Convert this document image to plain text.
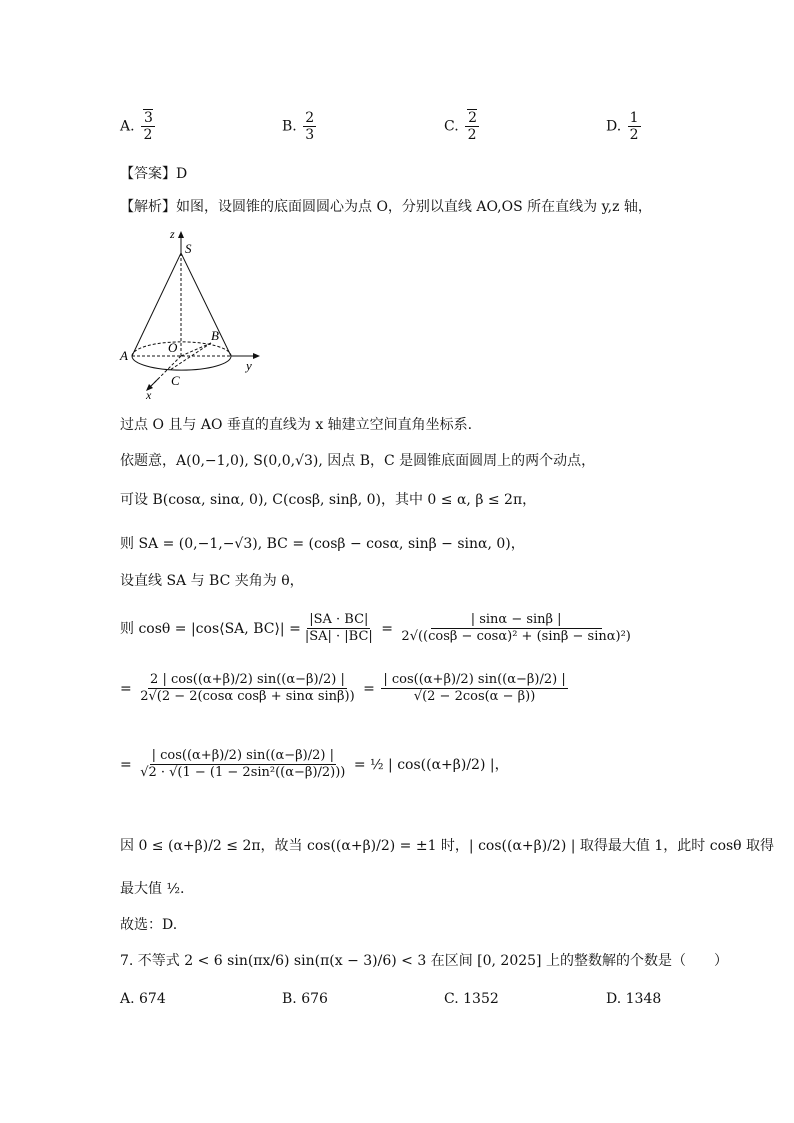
A. $\frac{3}{2}$	B. $\frac{2}{3}$	C. $\frac{2}{2}$	D. $\frac{1}{2}$
【答案】D
【解析】如图，设圆锥的底面圆圆心为点 O，分别以直线 AO,OS 所在直线为 y,z 轴，
z
S
O
B
A
C
y
x
过点 O 且与 AO 垂直的直线为 x 轴建立空间直角坐标系.
依题意，A(0,−1,0), S(0,0,√3), 因点 B，C 是圆锥底面圆周上的两个动点，
可设 B(cosα, sinα, 0), C(cosβ, sinβ, 0)，其中 0 ≤ α, β ≤ 2π，
则 SA = (0,−1,−√3), BC = (cosβ − cosα, sinβ − sinα, 0)，
设直线 SA 与 BC 夹角为 θ，
则 cosθ = |cos⟨SA, BC⟩| = $\frac{|SA \cdot BC|}{|SA| \cdot |BC|} = \frac{| \sin\alpha - \sin\beta |}{\text{2√((cosβ − cosα)² + (sinβ − sinα)²)}}$
= $\frac{2 | \cos((\alpha+\beta)/2) \sin((\alpha-\beta)/2) |}{\text{2√(2 − 2(cosα cosβ + sinα sinβ))}} = \frac{| \cos((\alpha+\beta)/2) \sin((\alpha-\beta)/2) |}{√(2 - 2\cos(\alpha - \beta))}$
= $\frac{| \cos((\alpha+\beta)/2) \sin((\alpha-\beta)/2) |}{\text{√2 · √(1 − (1 − 2sin²((α−β)/2)))}}$
= ½ | cos((α+β)/2) |，
因 0 ≤ (α+β)/2 ≤ 2π，故当 cos((α+β)/2) = ±1 时，| cos((α+β)/2) | 取得最大值 1，此时 cosθ 取得
最大值 ½.
故选：D.
7. 不等式 2 < 6 sin(πx/6) sin(π(x − 3)/6) < 3 在区间 [0, 2025] 上的整数解的个数是（　　）
A. 674	B. 676	C. 1352	D. 1348
